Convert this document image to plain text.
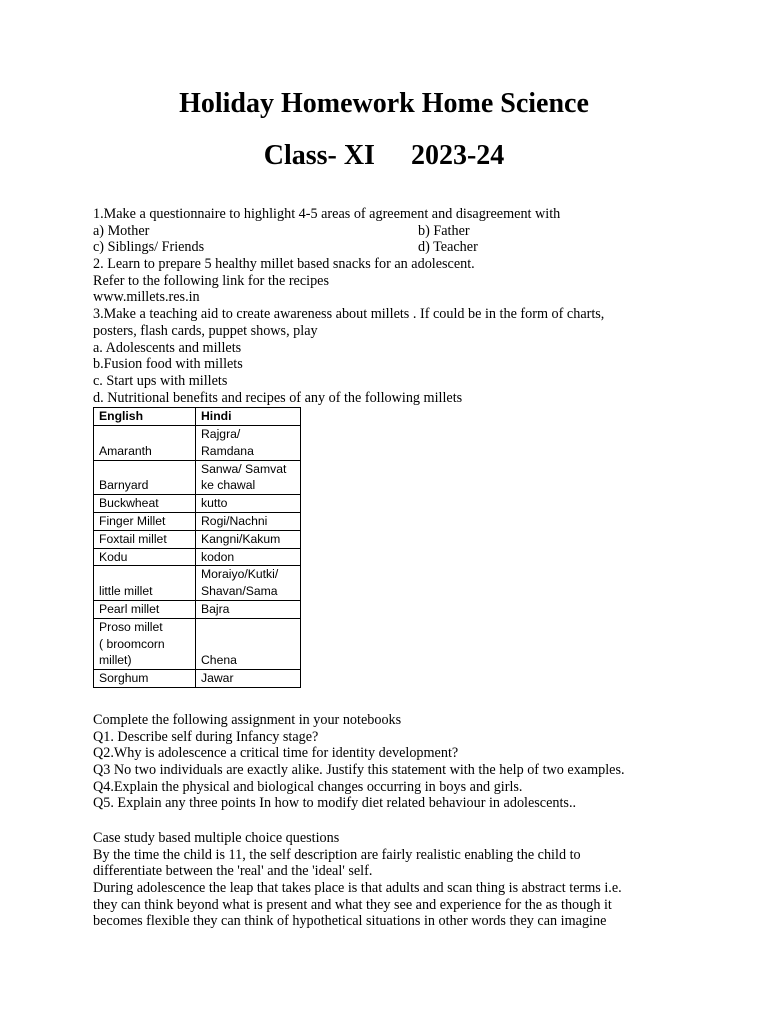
Holiday Homework Home Science
Class- XI 2023-24
1.Make a questionnaire to highlight 4-5 areas of agreement and disagreement with
a) Mother	b) Father
c) Siblings/ Friends	d) Teacher
2. Learn to prepare 5 healthy millet based snacks for an adolescent.
Refer to the following link for the recipes
www.millets.res.in
3.Make a teaching aid to create awareness about millets . If could be in the form of charts,
posters, flash cards, puppet shows, play
a. Adolescents and millets
b.Fusion food with millets
c. Start ups with millets
d. Nutritional benefits and recipes of any of the following millets
English	Hindi

Amaranth	Rajgra/
Ramdana

Barnyard	Sanwa/ Samvat
ke chawal

Buckwheat	kutto

Finger Millet	Rogi/Nachni

Foxtail millet	Kangni/Kakum

Kodu	kodon

little millet	Moraiyo/Kutki/
Shavan/Sama

Pearl millet	Bajra

Proso millet
( broomcorn
millet)	Chena

Sorghum	Jawar
Complete the following assignment in your notebooks
Q1. Describe self during Infancy stage?
Q2.Why is adolescence a critical time for identity development?
Q3 No two individuals are exactly alike. Justify this statement with the help of two examples.
Q4.Explain the physical and biological changes occurring in boys and girls.
Q5. Explain any three points In how to modify diet related behaviour in adolescents..
Case study based multiple choice questions
By the time the child is 11, the self description are fairly realistic enabling the child to
differentiate between the 'real' and the 'ideal' self.
During adolescence the leap that takes place is that adults and scan thing is abstract terms i.e.
they can think beyond what is present and what they see and experience for the as though it
becomes flexible they can think of hypothetical situations in other words they can imagine
